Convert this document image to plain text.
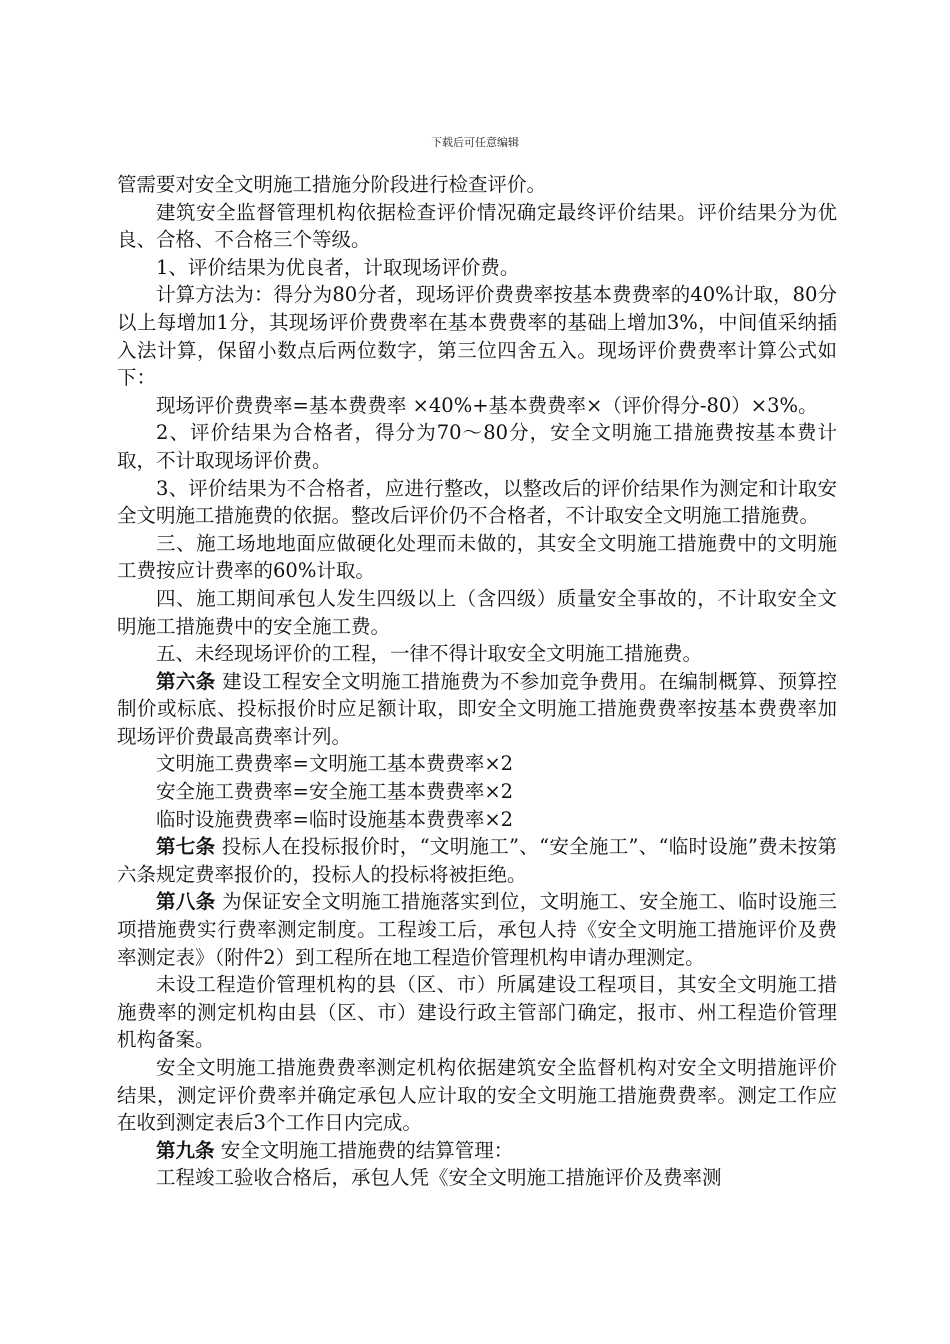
下载后可任意编辑

管需要对安全文明施工措施分阶段进行检查评价。

建筑安全监督管理机构依据检查评价情况确定最终评价结果。评价结果分为优良、合格、不合格三个等级。

1、评价结果为优良者，计取现场评价费。

计算方法为：得分为80分者，现场评价费费率按基本费费率的40%计取，80分以上每增加1分，其现场评价费费率在基本费费率的基础上增加3%，中间值采纳插入法计算，保留小数点后两位数字，第三位四舍五入。现场评价费费率计算公式如下：

现场评价费费率=基本费费率 ×40%+基本费费率×（评价得分-80）×3%。

2、评价结果为合格者，得分为70～80分，安全文明施工措施费按基本费计取，不计取现场评价费。

3、评价结果为不合格者，应进行整改，以整改后的评价结果作为测定和计取安全文明施工措施费的依据。整改后评价仍不合格者，不计取安全文明施工措施费。

三、施工场地地面应做硬化处理而未做的，其安全文明施工措施费中的文明施工费按应计费率的60%计取。

四、施工期间承包人发生四级以上（含四级）质量安全事故的，不计取安全文明施工措施费中的安全施工费。

五、未经现场评价的工程，一律不得计取安全文明施工措施费。

第六条 建设工程安全文明施工措施费为不参加竞争费用。在编制概算、预算控制价或标底、投标报价时应足额计取，即安全文明施工措施费费率按基本费费率加现场评价费最高费率计列。

文明施工费费率=文明施工基本费费率×2

安全施工费费率=安全施工基本费费率×2

临时设施费费率=临时设施基本费费率×2

第七条 投标人在投标报价时，“文明施工”、“安全施工”、“临时设施”费未按第六条规定费率报价的，投标人的投标将被拒绝。

第八条 为保证安全文明施工措施落实到位，文明施工、安全施工、临时设施三项措施费实行费率测定制度。工程竣工后，承包人持《安全文明施工措施评价及费率测定表》（附件2）到工程所在地工程造价管理机构申请办理测定。

未设工程造价管理机构的县（区、市）所属建设工程项目，其安全文明施工措施费率的测定机构由县（区、市）建设行政主管部门确定，报市、州工程造价管理机构备案。

安全文明施工措施费费率测定机构依据建筑安全监督机构对安全文明措施评价结果，测定评价费率并确定承包人应计取的安全文明施工措施费费率。测定工作应在收到测定表后3个工作日内完成。

第九条 安全文明施工措施费的结算管理：

工程竣工验收合格后，承包人凭《安全文明施工措施评价及费率测
